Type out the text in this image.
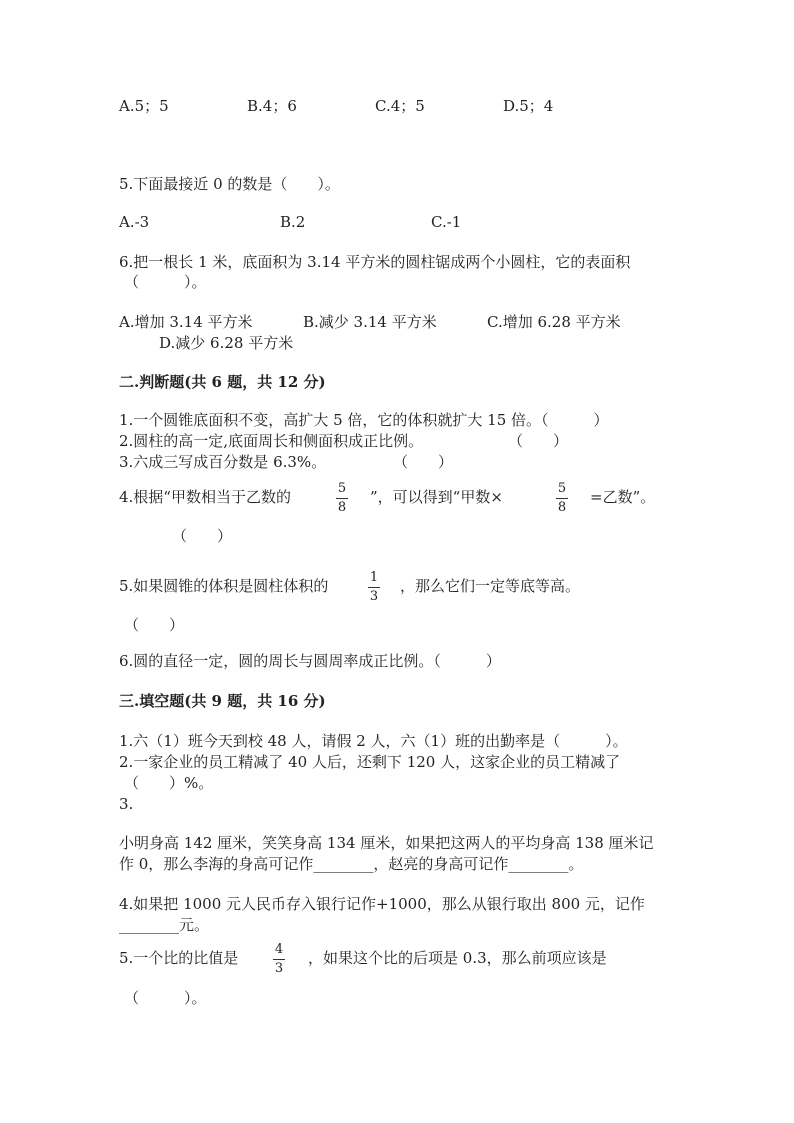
A.5；5	B.4；6	C.4；5	D.5；4
5.下面最接近 0 的数是（　　）。
A.-3	B.2	C.-1
6.把一根长 1 米，底面积为 3.14 平方米的圆柱锯成两个小圆柱，它的表面积
（　　　）。
A.增加 3.14 平方米	B.减少 3.14 平方米	C.增加 6.28 平方米
D.减少 6.28 平方米
二.判断题(共 6 题，共 12 分)
1.一个圆锥底面积不变，高扩大 5 倍，它的体积就扩大 15 倍。（　　　）
2.圆柱的高一定,底面周长和侧面积成正比例。	（　　）
3.六成三写成百分数是 6.3%。	（　　）
4.根据“甲数相当于乙数的	5
8
”，可以得到“甲数×	5
8
=乙数”。
（　　）
5.如果圆锥的体积是圆柱体积的	1
3
，那么它们一定等底等高。
（　　）
6.圆的直径一定，圆的周长与圆周率成正比例。（　　　）
三.填空题(共 9 题，共 16 分)
1.六（1）班今天到校 48 人，请假 2 人，六（1）班的出勤率是（　　　）。
2.一家企业的员工精减了 40 人后，还剩下 120 人，这家企业的员工精减了
（　　）%。
3.
小明身高 142 厘米，笑笑身高 134 厘米，如果把这两人的平均身高 138 厘米记
作 0，那么李海的身高可记作________，赵亮的身高可记作________。
4.如果把 1000 元人民币存入银行记作+1000，那么从银行取出 800 元，记作
________元。
5.一个比的比值是	4
3
，如果这个比的后项是 0.3，那么前项应该是
（　　　）。
